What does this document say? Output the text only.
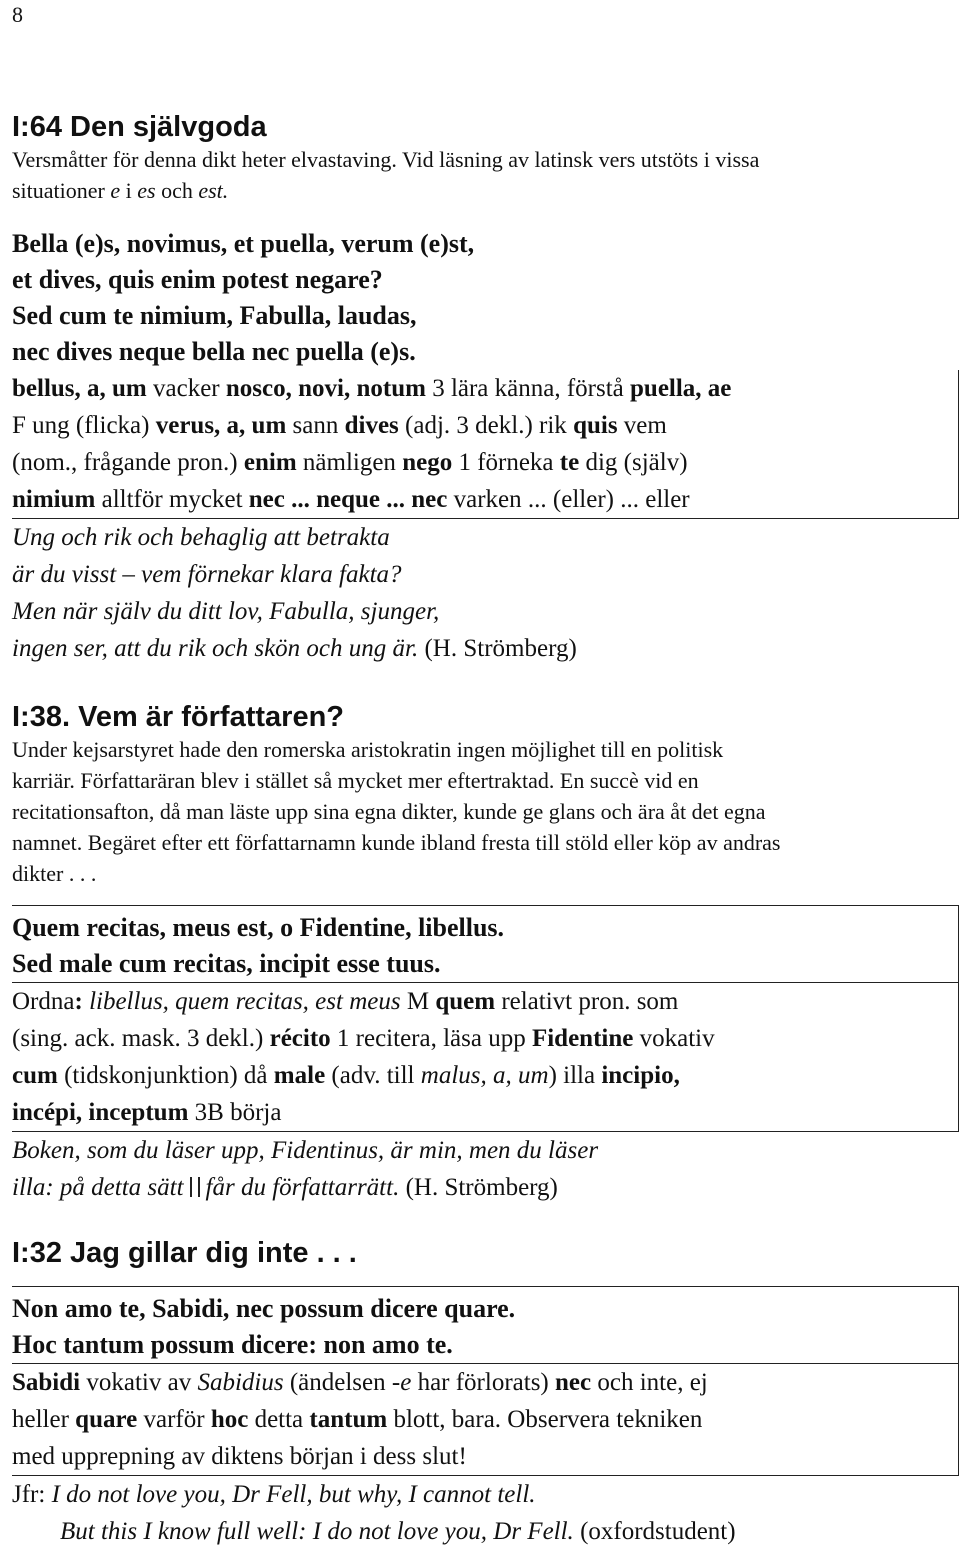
8
I:64 Den självgoda

Versmåtter för denna dikt heter elvastaving. Vid läsning av latinsk vers utstöts i vissa
situationer e i es och est.

Bella (e)s, novimus, et puella, verum (e)st,
et dives, quis enim potest negare?
Sed cum te nimium, Fabulla, laudas,
nec dives neque bella nec puella (e)s.
bellus, a, um vacker nosco, novi, notum 3 lära känna, förstå puella, ae
F ung (flicka) verus, a, um sann dives (adj. 3 dekl.) rik quis vem
(nom., frågande pron.) enim nämligen nego 1 förneka te dig (själv)
nimium alltför mycket nec ... neque ... nec varken ... (eller) ... eller
Ung och rik och behaglig att betrakta
är du visst – vem förnekar klara fakta?
Men när själv du ditt lov, Fabulla, sjunger,
ingen ser, att du rik och skön och ung är. (H. Strömberg)
I:38. Vem är författaren?
Under kejsarstyret hade den romerska aristokratin ingen möjlighet till en politisk
karriär. Författaräran blev i stället så mycket mer eftertraktad. En succè vid en
recitationsafton, då man läste upp sina egna dikter, kunde ge glans och ära åt det egna
namnet. Begäret efter ett författarnamn kunde ibland fresta till stöld eller köp av andras
dikter . . .
Quem recitas, meus est, o Fidentine, libellus.
Sed male cum recitas, incipit esse tuus.
Ordna: libellus, quem recitas, est meus M quem relativt pron. som
(sing. ack. mask. 3 dekl.) récito 1 recitera, läsa upp Fidentine vokativ
cum (tidskonjunktion) då male (adv. till malus, a, um) illa incipio,
incépi, inceptum 3B börja
Boken, som du läser upp, Fidentinus, är min, men du läser
illa: på detta sätt får du författarrätt. (H. Strömberg)
I:32 Jag gillar dig inte . . .
Non amo te, Sabidi, nec possum dicere quare.
Hoc tantum possum dicere: non amo te.
Sabidi vokativ av Sabidius (ändelsen -e har förlorats) nec och inte, ej
heller quare varför hoc detta tantum blott, bara. Observera tekniken
med upprepning av diktens början i dess slut!
Jfr: I do not love you, Dr Fell, but why, I cannot tell.
But this I know full well: I do not love you, Dr Fell. (oxfordstudent)
